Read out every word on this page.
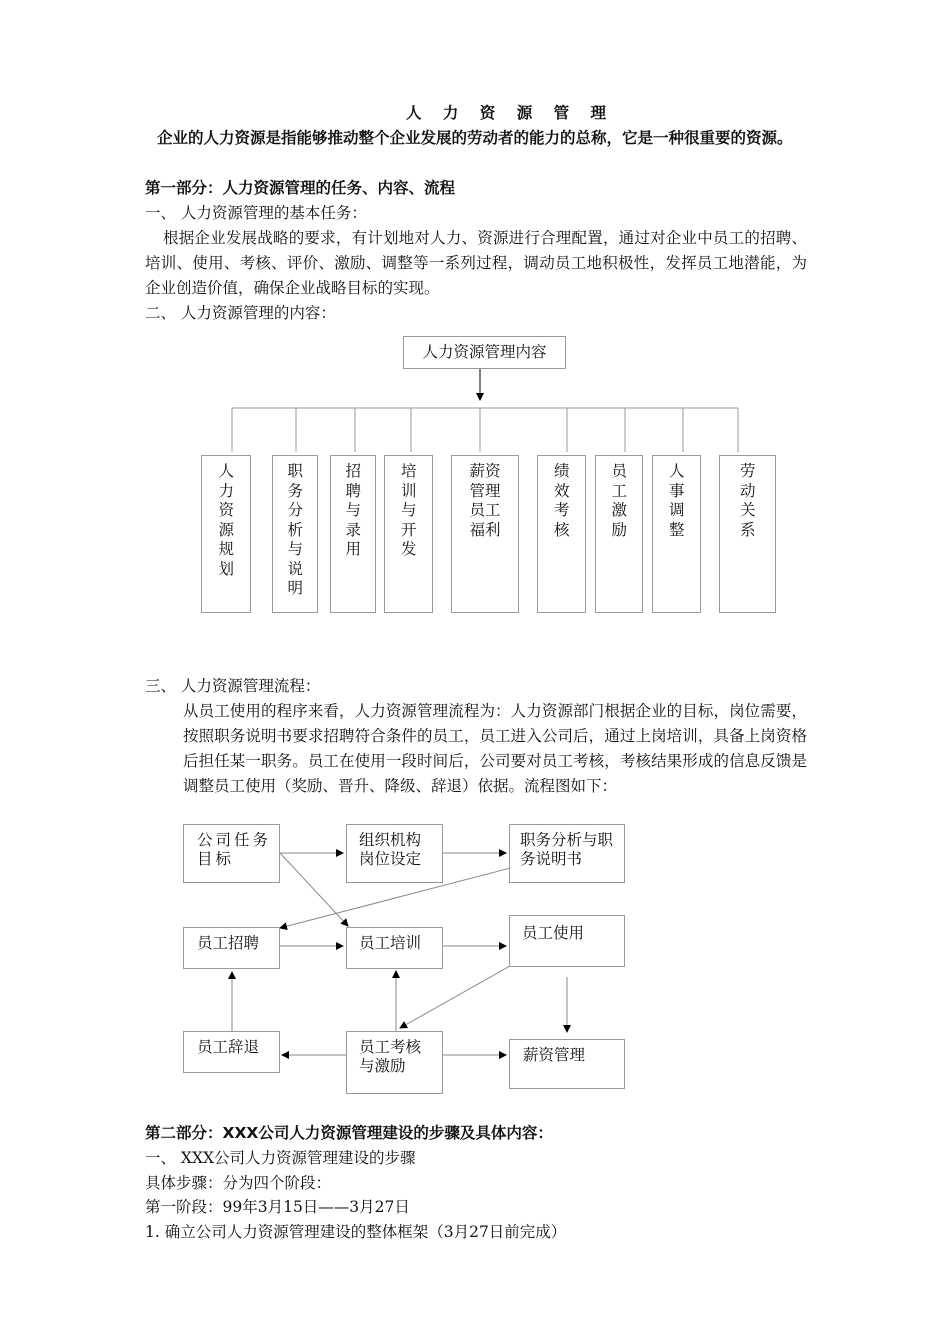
人 力 资 源 管 理
企业的人力资源是指能够推动整个企业发展的劳动者的能力的总称，它是一种很重要的资源。
第一部分：人力资源管理的任务、内容、流程
一、 人力资源管理的基本任务：
根据企业发展战略的要求，有计划地对人力、资源进行合理配置，通过对企业中员工的招聘、培训、使用、考核、评价、激励、调整等一系列过程，调动员工地积极性，发挥员工地潜能，为企业创造价值，确保企业战略目标的实现。
二、 人力资源管理的内容：
人力资源管理内容
人力资源规划
职务分析与说明
招聘与录用
培训与开发
薪资管理员工福利
绩效考核
员工激励
人事调整
劳动关系
三、 人力资源管理流程：
从员工使用的程序来看，人力资源管理流程为：人力资源部门根据企业的目标，岗位需要，按照职务说明书要求招聘符合条件的员工，员工进入公司后，通过上岗培训，具备上岗资格后担任某一职务。员工在使用一段时间后，公司要对员工考核，考核结果形成的信息反馈是调整员工使用（奖励、晋升、降级、辞退）依据。流程图如下：
公司任务目标
组织机构岗位设定
职务分析与职务说明书
员工招聘	员工培训
员工使用
员工辞退	员工考核与激励
薪资管理
第二部分：XXX公司人力资源管理建设的步骤及具体内容：
一、 XXX公司人力资源管理建设的步骤
具体步骤：分为四个阶段：
第一阶段：99年3月15日——3月27日
1. 确立公司人力资源管理建设的整体框架（3月27日前完成）
